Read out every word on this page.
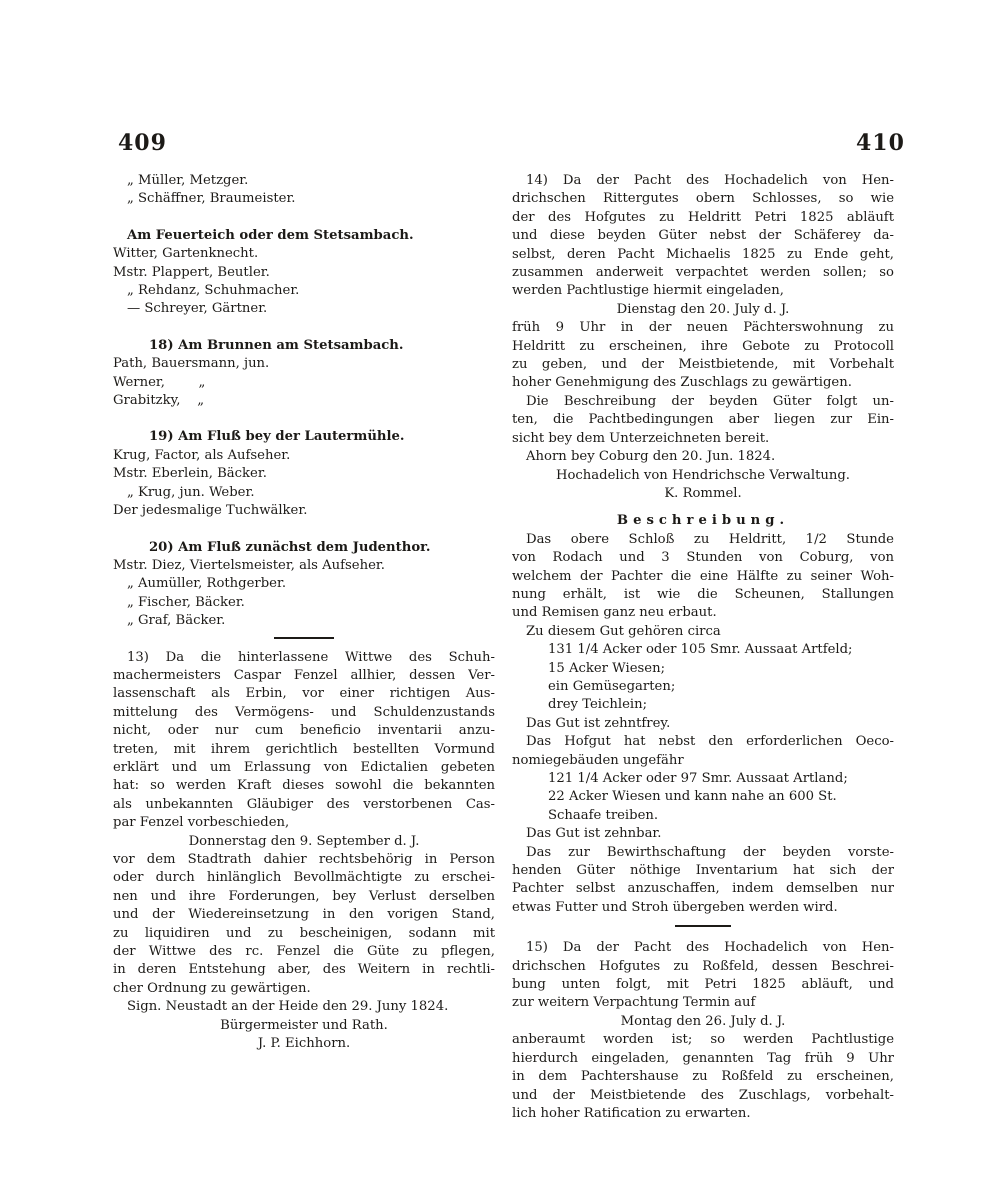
409	410
„ Müller, Metzger.
„ Schäffner, Braumeister.
Am Feuerteich oder dem Stetsambach.
Witter, Gartenknecht.
Mstr. Plappert, Beutler.
„ Rehdanz, Schuhmacher.
— Schreyer, Gärtner.
18) Am Brunnen am Stetsambach.
Path, Bauersmann, jun.
Werner,        „
Grabitzky,    „
19) Am Fluß bey der Lautermühle.
Krug, Factor, als Aufseher.
Mstr. Eberlein, Bäcker.
„ Krug, jun. Weber.
Der jedesmalige Tuchwälker.
20) Am Fluß zunächst dem Judenthor.
Mstr. Diez, Viertelsmeister, als Aufseher.
„ Aumüller, Rothgerber.
„ Fischer, Bäcker.
„ Graf, Bäcker.
13) Da die hinterlassene Wittwe des Schuh-
machermeisters Caspar Fenzel allhier, dessen Ver-
lassenschaft als Erbin, vor einer richtigen Aus-
mittelung des Vermögens- und Schuldenzustands
nicht, oder nur cum beneficio inventarii anzu-
treten, mit ihrem gerichtlich bestellten Vormund
erklärt und um Erlassung von Edictalien gebeten
hat: so werden Kraft dieses sowohl die bekannten
als unbekannten Gläubiger des verstorbenen Cas-
par Fenzel vorbeschieden,
Donnerstag den 9. September d. J.
vor dem Stadtrath dahier rechtsbehörig in Person
oder durch hinlänglich Bevollmächtigte zu erschei-
nen und ihre Forderungen, bey Verlust derselben
und der Wiedereinsetzung in den vorigen Stand,
zu liquidiren und zu bescheinigen, sodann mit
der Wittwe des rc. Fenzel die Güte zu pflegen,
in deren Entstehung aber, des Weitern in rechtli-
cher Ordnung zu gewärtigen.
Sign. Neustadt an der Heide den 29. Juny 1824.
Bürgermeister und Rath.
J. P. Eichhorn.
14) Da der Pacht des Hochadelich von Hen-
drichschen Rittergutes obern Schlosses, so wie
der des Hofgutes zu Heldritt Petri 1825 abläuft
und diese beyden Güter nebst der Schäferey da-
selbst, deren Pacht Michaelis 1825 zu Ende geht,
zusammen anderweit verpachtet werden sollen; so
werden Pachtlustige hiermit eingeladen,
Dienstag den 20. July d. J.
früh 9 Uhr in der neuen Pächterswohnung zu
Heldritt zu erscheinen, ihre Gebote zu Protocoll
zu geben, und der Meistbietende, mit Vorbehalt
hoher Genehmigung des Zuschlags zu gewärtigen.
Die Beschreibung der beyden Güter folgt un-
ten, die Pachtbedingungen aber liegen zur Ein-
sicht bey dem Unterzeichneten bereit.
Ahorn bey Coburg den 20. Jun. 1824.
Hochadelich von Hendrichsche Verwaltung.
K. Rommel.
Beschreibung.
Das obere Schloß zu Heldritt, 1/2 Stunde
von Rodach und 3 Stunden von Coburg, von
welchem der Pachter die eine Hälfte zu seiner Woh-
nung erhält, ist wie die Scheunen, Stallungen
und Remisen ganz neu erbaut.
Zu diesem Gut gehören circa
131 1/4 Acker oder 105 Smr. Aussaat Artfeld;
15 Acker Wiesen;
ein Gemüsegarten;
drey Teichlein;
Das Gut ist zehntfrey.
Das Hofgut hat nebst den erforderlichen Oeco-
nomiegebäuden ungefähr
121 1/4 Acker oder 97 Smr. Aussaat Artland;
22 Acker Wiesen und kann nahe an 600 St.
Schaafe treiben.
Das Gut ist zehnbar.
Das zur Bewirthschaftung der beyden vorste-
henden Güter nöthige Inventarium hat sich der
Pachter selbst anzuschaffen, indem demselben nur
etwas Futter und Stroh übergeben werden wird.
15) Da der Pacht des Hochadelich von Hen-
drichschen Hofgutes zu Roßfeld, dessen Beschrei-
bung unten folgt, mit Petri 1825 abläuft, und
zur weitern Verpachtung Termin auf
Montag den 26. July d. J.
anberaumt worden ist; so werden Pachtlustige
hierdurch eingeladen, genannten Tag früh 9 Uhr
in dem Pachtershause zu Roßfeld zu erscheinen,
und der Meistbietende des Zuschlags, vorbehalt-
lich hoher Ratification zu erwarten.
